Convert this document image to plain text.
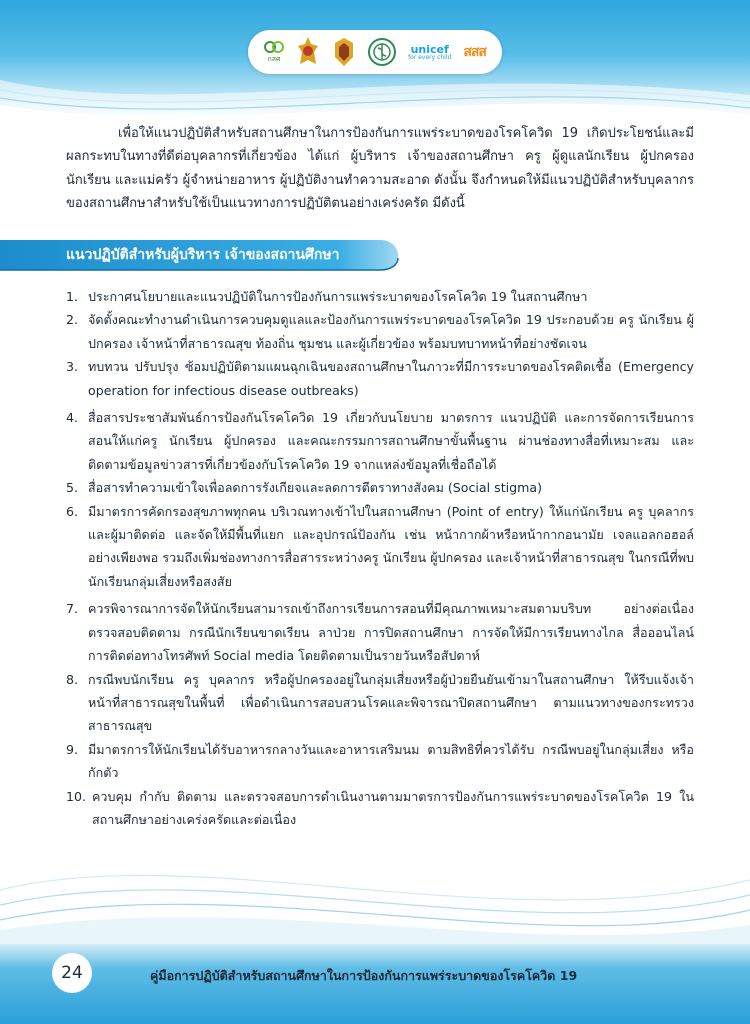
กสศ
unicef
for every child สสส

เพื่อให้แนวปฏิบัติสำหรับสถานศึกษาในการป้องกันการแพร่ระบาดของโรคโควิด 19 เกิดประโยชน์และมีผลกระทบในทางที่ดีต่อบุคลากรที่เกี่ยวข้อง ได้แก่ ผู้บริหาร เจ้าของสถานศึกษา ครู ผู้ดูแลนักเรียน ผู้ปกครอง นักเรียน และแม่ครัว ผู้จำหน่ายอาหาร ผู้ปฏิบัติงานทำความสะอาด ดังนั้น จึงกำหนดให้มีแนวปฏิบัติสำหรับบุคลากรของสถานศึกษาสำหรับใช้เป็นแนวทางการปฏิบัติตนอย่างเคร่งครัด มีดังนี้

แนวปฏิบัติสำหรับผู้บริหาร เจ้าของสถานศึกษา
1. ประกาศนโยบายและแนวปฏิบัติในการป้องกันการแพร่ระบาดของโรคโควิด 19 ในสถานศึกษา
2. จัดตั้งคณะทำงานดำเนินการควบคุมดูแลและป้องกันการแพร่ระบาดของโรคโควิด 19 ประกอบด้วย ครู นักเรียน ผู้ปกครอง เจ้าหน้าที่สาธารณสุข ท้องถิ่น ชุมชน และผู้เกี่ยวข้อง พร้อมบทบาทหน้าที่อย่างชัดเจน
3. ทบทวน ปรับปรุง ซ้อมปฏิบัติตามแผนฉุกเฉินของสถานศึกษาในภาวะที่มีการระบาดของโรคติดเชื้อ (Emergency operation for infectious disease outbreaks)
4. สื่อสารประชาสัมพันธ์การป้องกันโรคโควิด 19 เกี่ยวกับนโยบาย มาตรการ แนวปฏิบัติ และการจัดการเรียนการสอนให้แก่ครู นักเรียน ผู้ปกครอง และคณะกรรมการสถานศึกษาขั้นพื้นฐาน ผ่านช่องทางสื่อที่เหมาะสม และติดตามข้อมูลข่าวสารที่เกี่ยวข้องกับโรคโควิด 19 จากแหล่งข้อมูลที่เชื่อถือได้
5. สื่อสารทำความเข้าใจเพื่อลดการรังเกียจและลดการตีตราทางสังคม (Social stigma)
6. มีมาตรการคัดกรองสุขภาพทุกคน บริเวณทางเข้าไปในสถานศึกษา (Point of entry) ให้แก่นักเรียน ครู บุคลากร และผู้มาติดต่อ และจัดให้มีพื้นที่แยก และอุปกรณ์ป้องกัน เช่น หน้ากากผ้าหรือหน้ากากอนามัย เจลแอลกอฮอล์ อย่างเพียงพอ รวมถึงเพิ่มช่องทางการสื่อสารระหว่างครู นักเรียน ผู้ปกครอง และเจ้าหน้าที่สาธารณสุข ในกรณีที่พบนักเรียนกลุ่มเสี่ยงหรือสงสัย
7. ควรพิจารณาการจัดให้นักเรียนสามารถเข้าถึงการเรียนการสอนที่มีคุณภาพเหมาะสมตามบริบท อย่างต่อเนื่อง ตรวจสอบติดตาม กรณีนักเรียนขาดเรียน ลาป่วย การปิดสถานศึกษา การจัดให้มีการเรียนทางไกล สื่อออนไลน์ การติดต่อทางโทรศัพท์ Social media โดยติดตามเป็นรายวันหรือสัปดาห์
8. กรณีพบนักเรียน ครู บุคลากร หรือผู้ปกครองอยู่ในกลุ่มเสี่ยงหรือผู้ป่วยยืนยันเข้ามาในสถานศึกษา ให้รีบแจ้งเจ้าหน้าที่สาธารณสุขในพื้นที่ เพื่อดำเนินการสอบสวนโรคและพิจารณาปิดสถานศึกษา ตามแนวทางของกระทรวงสาธารณสุข
9. มีมาตรการให้นักเรียนได้รับอาหารกลางวันและอาหารเสริมนม ตามสิทธิที่ควรได้รับ กรณีพบอยู่ในกลุ่มเสี่ยง หรือกักตัว
10. ควบคุม กำกับ ติดตาม และตรวจสอบการดำเนินงานตามมาตรการป้องกันการแพร่ระบาดของโรคโควิด 19 ในสถานศึกษาอย่างเคร่งครัดและต่อเนื่อง
24	คู่มือการปฏิบัติสำหรับสถานศึกษาในการป้องกันการแพร่ระบาดของโรคโควิด 19
